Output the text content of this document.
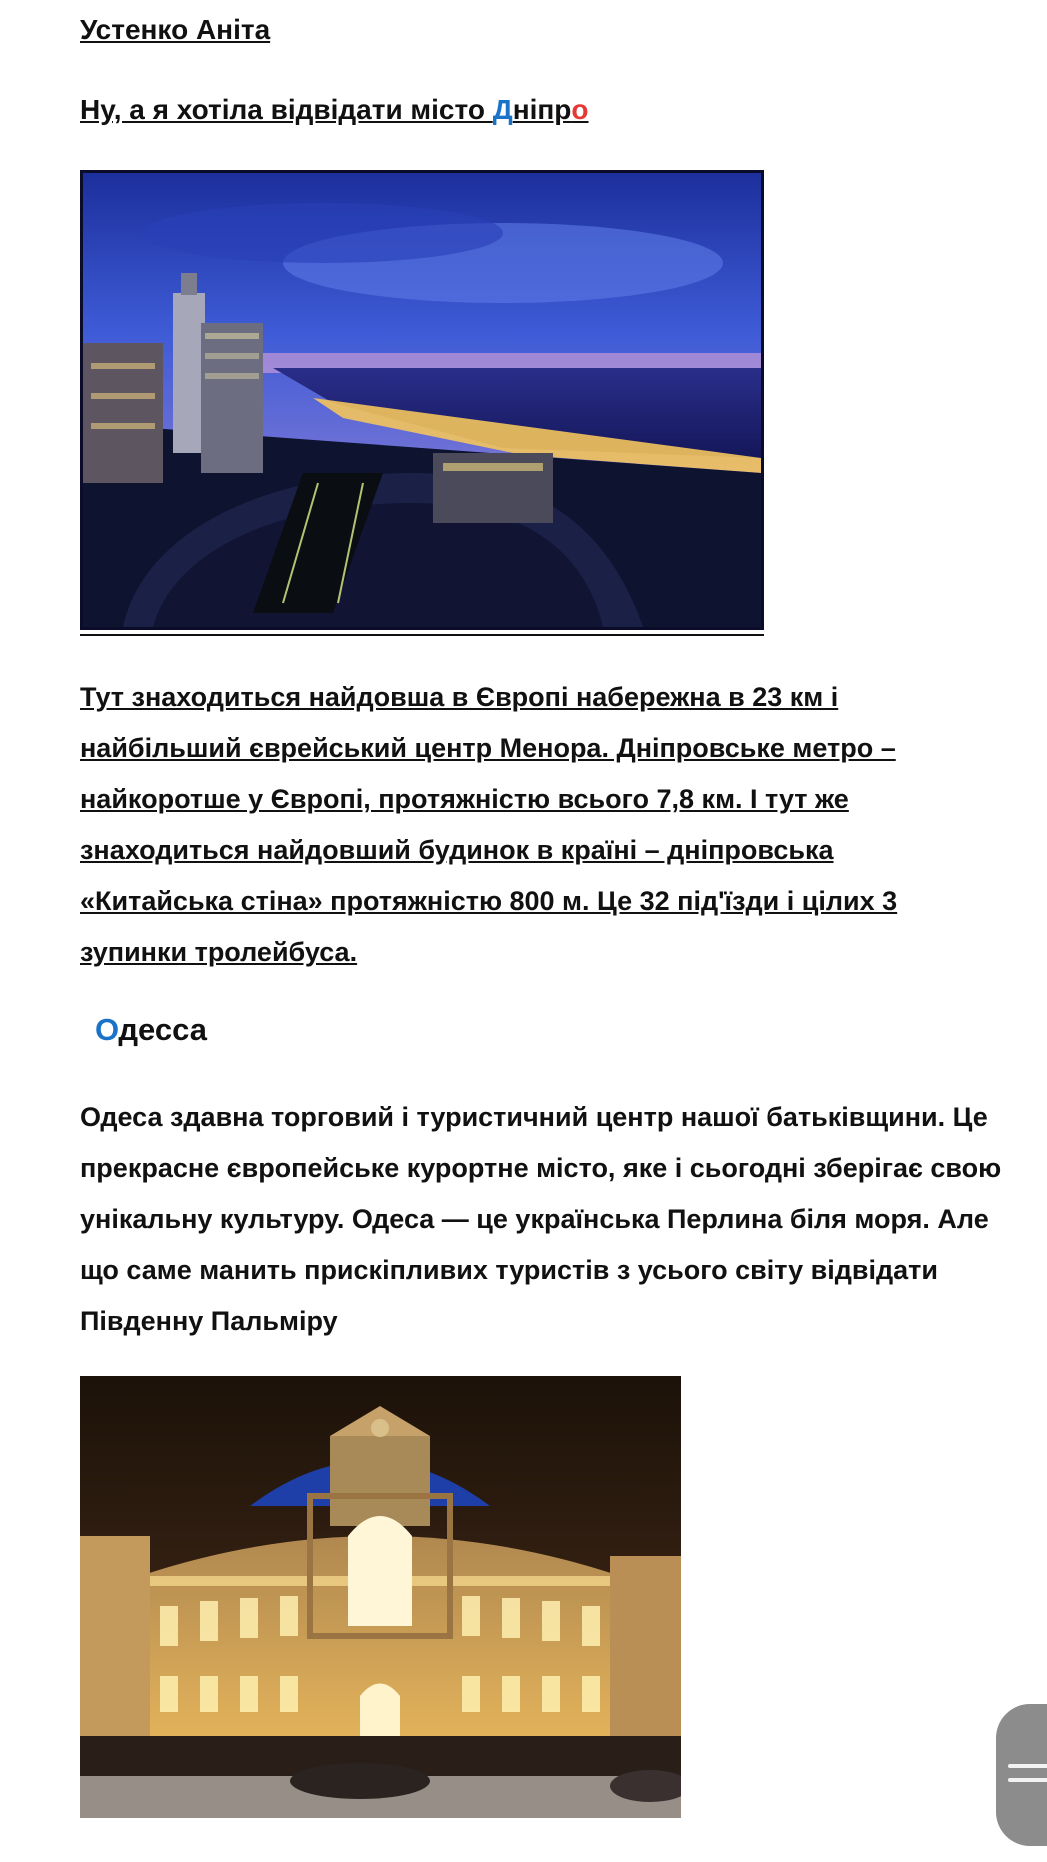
Устенко Аніта

Ну, а я хотіла відвідати місто Дніпро

Тут знаходиться найдовша в Європі набережна в 23 км і найбільший єврейський центр Менора. Дніпровське метро – найкоротше у Європі, протяжністю всього 7,8 км. І тут же знаходиться найдовший будинок в країні – дніпровська «Китайська стіна» протяжністю 800 м. Це 32 під'їзди і цілих 3 зупинки тролейбуса.

Одесса

Одеса здавна торговий і туристичний центр нашої батьківщини. Це прекрасне європейське курортне місто, яке і сьогодні зберігає свою унікальну культуру. Одеса — це українська Перлина біля моря. Але що саме манить прискіпливих туристів з усього світу відвідати Південну Пальміру
